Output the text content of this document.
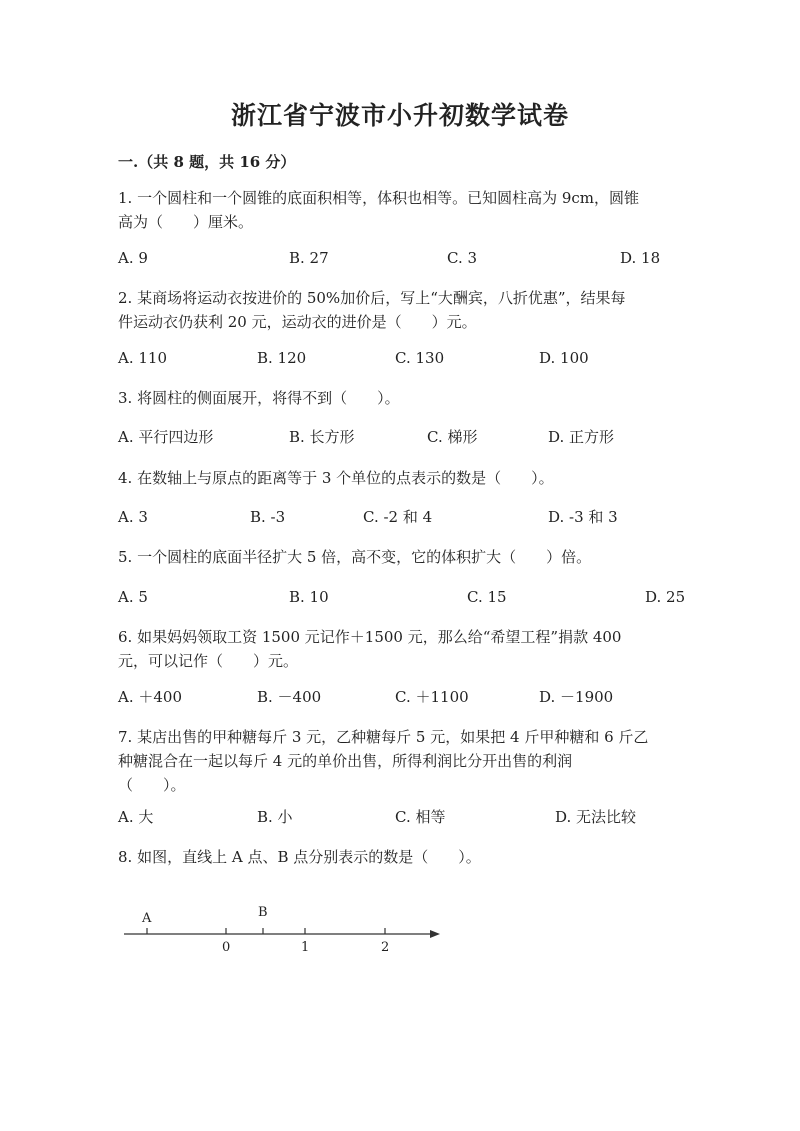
浙江省宁波市小升初数学试卷
一.（共 8 题，共 16 分）
1. 一个圆柱和一个圆锥的底面积相等，体积也相等。已知圆柱高为 9cm，圆锥
高为（　　）厘米。
A. 9	B. 27	C. 3	D. 18
2. 某商场将运动衣按进价的 50%加价后，写上“大酬宾，八折优惠”，结果每
件运动衣仍获利 20 元，运动衣的进价是（　　）元。
A. 110	B. 120	C. 130	D. 100
3. 将圆柱的侧面展开，将得不到（　　）。
A. 平行四边形	B. 长方形	C. 梯形	D. 正方形
4. 在数轴上与原点的距离等于 3 个单位的点表示的数是（　　）。
A. 3	B. -3	C. -2 和 4	D. -3 和 3
5. 一个圆柱的底面半径扩大 5 倍，高不变，它的体积扩大（　　）倍。
A. 5	B. 10	C. 15	D. 25
6. 如果妈妈领取工资 1500 元记作＋1500 元，那么给“希望工程”捐款 400
元，可以记作（　　）元。
A. ＋400	B. －400	C. ＋1100	D. －1900
7. 某店出售的甲种糖每斤 3 元，乙种糖每斤 5 元，如果把 4 斤甲种糖和 6 斤乙
种糖混合在一起以每斤 4 元的单价出售，所得利润比分开出售的利润
（　　）。
A. 大	B. 小	C. 相等	D. 无法比较
8. 如图，直线上 A 点、B 点分别表示的数是（　　）。
A	B
0	1	2
